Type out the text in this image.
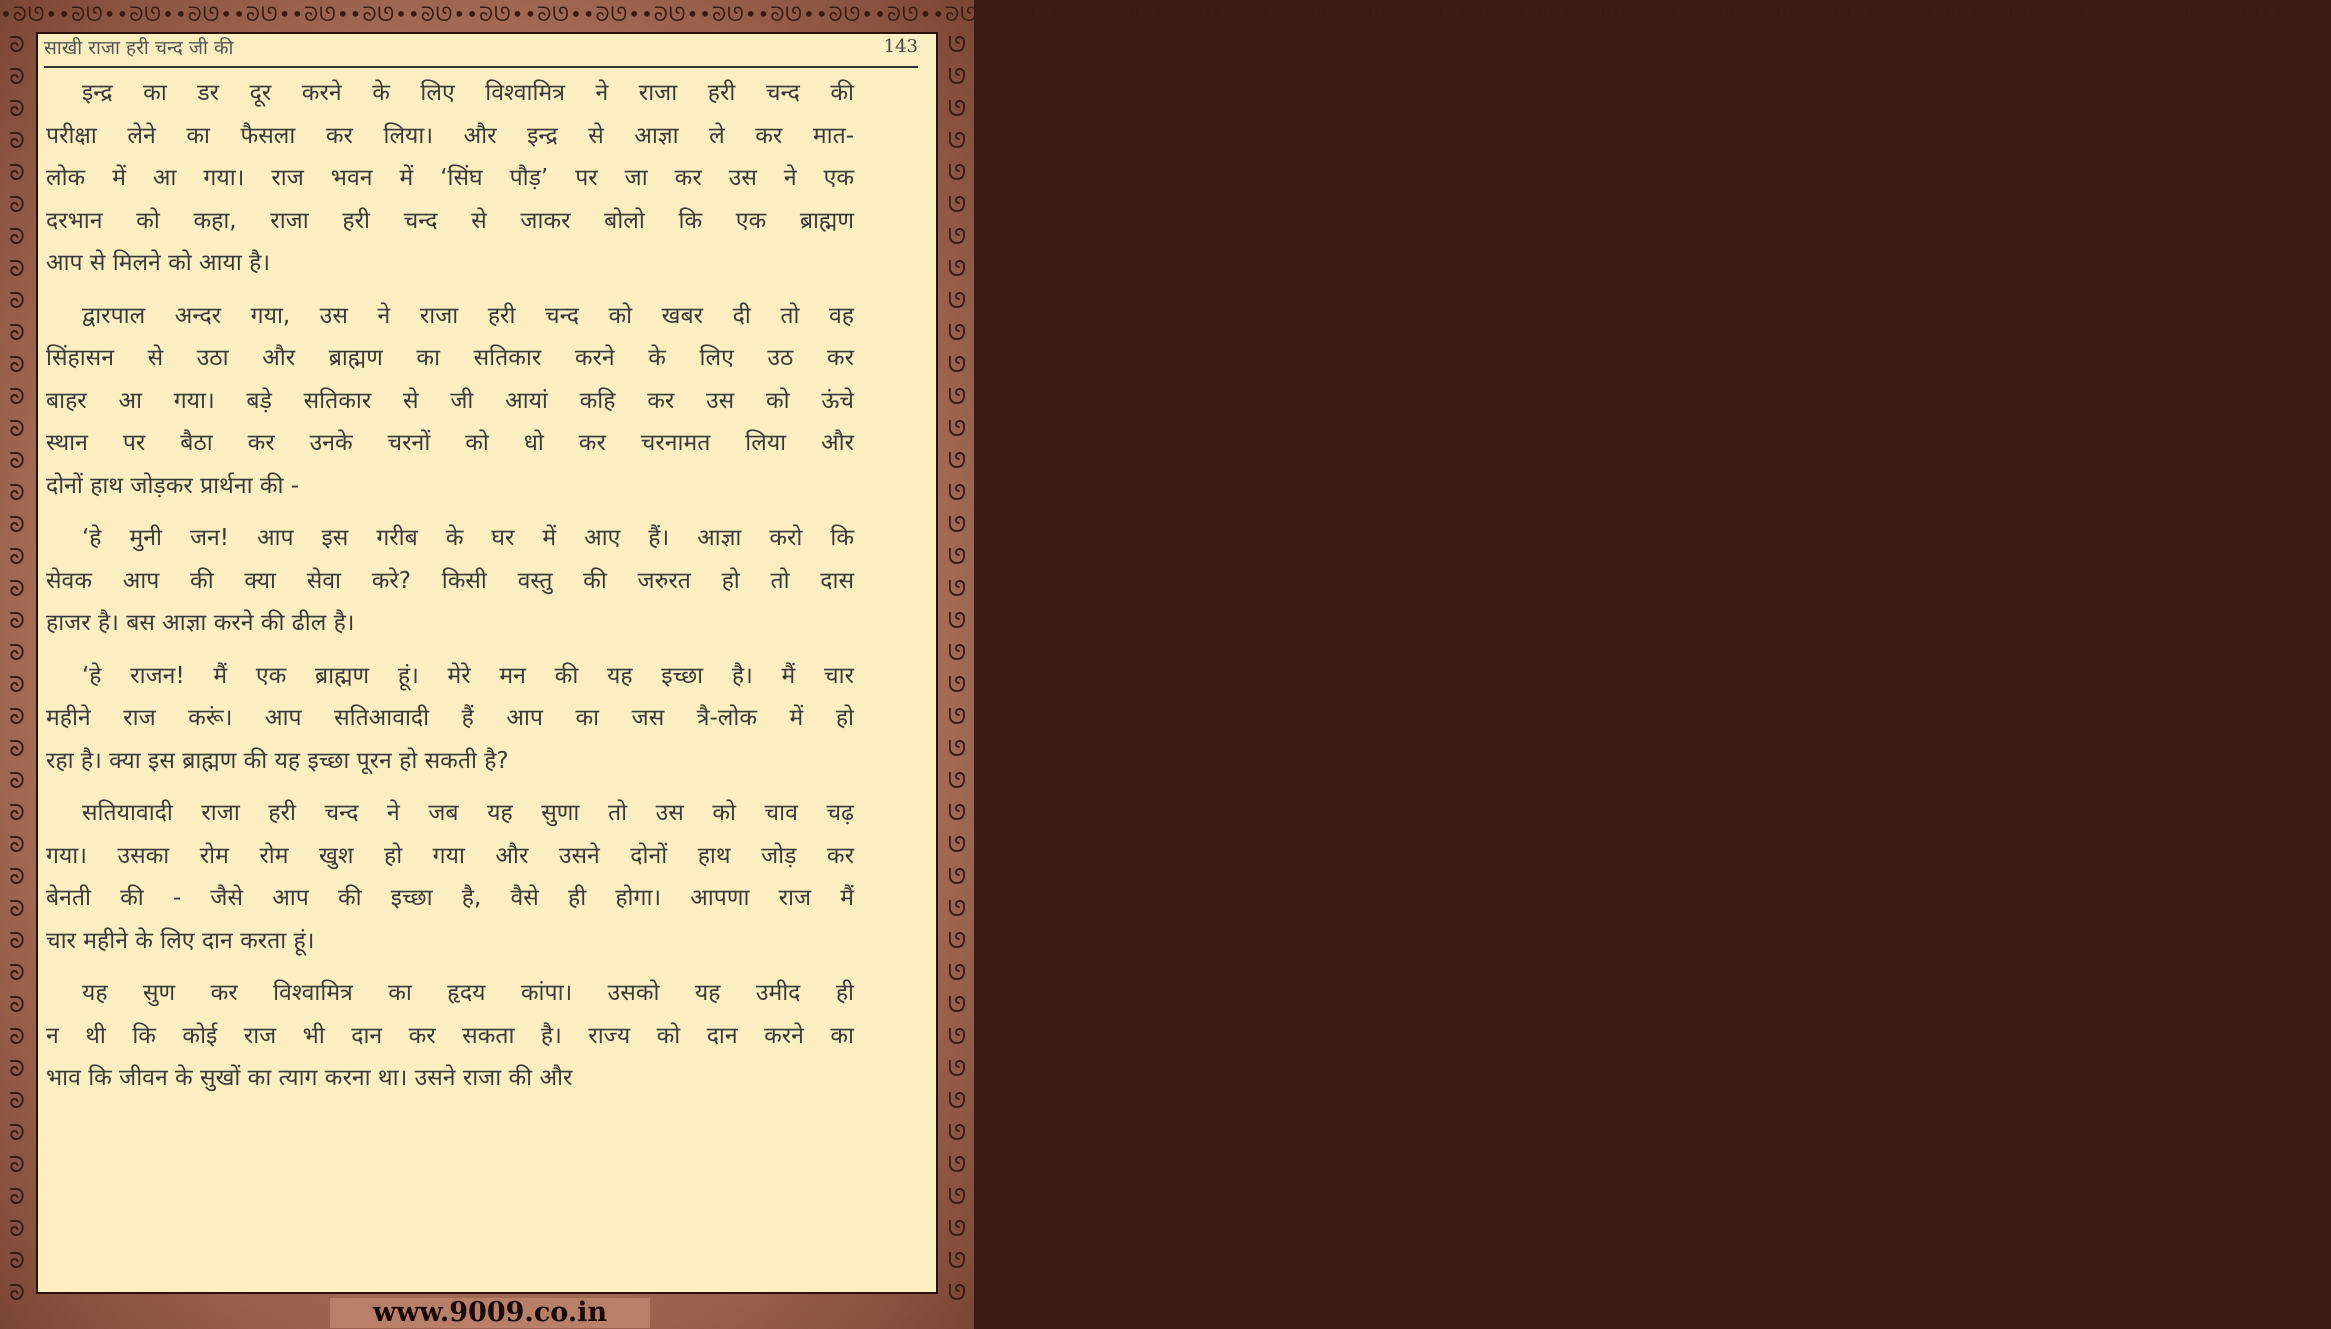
•ᘐᘎ••ᘐᘎ••ᘐᘎ••ᘐᘎ••ᘐᘎ••ᘐᘎ••ᘐᘎ••ᘐᘎ••ᘐᘎ••ᘐᘎ••ᘐᘎ••ᘐᘎ••ᘐᘎ••ᘐᘎ••ᘐᘎ••ᘐᘎ••ᘐᘎ••ᘐᘎ••ᘐᘎ••ᘐᘎ••ᘐᘎ••ᘐᘎ••ᘐᘎ••ᘐᘎ••ᘐᘎ••ᘐᘎ••ᘐᘎ••ᘐᘎ••ᘐᘎ••ᘐᘎ••ᘐᘎ••ᘐᘎ••ᘐᘎ••ᘐᘎ••ᘐᘎ••ᘐᘎ••ᘐᘎ••ᘐᘎ••ᘐᘎ••ᘐᘎ•
ᘐ
ᘐ
ᘐ
ᘐ
ᘐ
ᘐ
ᘐ
ᘐ
ᘐ
ᘐ
ᘐ
ᘐ
ᘐ
ᘐ
ᘐ
ᘐ
ᘐ
ᘐ
ᘐ
ᘐ
ᘐ
ᘐ
ᘐ
ᘐ
ᘐ
ᘐ
ᘐ
ᘐ
ᘐ
ᘐ
ᘐ
ᘐ
ᘐ
ᘐ
ᘐ
ᘐ
ᘐ
ᘐ
ᘐ
ᘐ
ᘎ
ᘎ
ᘎ
ᘎ
ᘎ
ᘎ
ᘎ
ᘎ
ᘎ
ᘎ
ᘎ
ᘎ
ᘎ
ᘎ
ᘎ
ᘎ
ᘎ
ᘎ
ᘎ
ᘎ
ᘎ
ᘎ
ᘎ
ᘎ
ᘎ
ᘎ
ᘎ
ᘎ
ᘎ
ᘎ
ᘎ
ᘎ
ᘎ
ᘎ
ᘎ
ᘎ
ᘎ
ᘎ
ᘎ
ᘎ
साखी राजा हरी चन्द जी की	143
इन्द्र का डर दूर करने के लिए विश्वामित्र ने राजा हरी चन्द की
परीक्षा लेने का फैसला कर लिया। और इन्द्र से आज्ञा ले कर मात-
लोक में आ गया। राज भवन में ‘सिंघ पौड़’ पर जा कर उस ने एक
दरभान को कहा, राजा हरी चन्द से जाकर बोलो कि एक ब्राह्मण
आप से मिलने को आया है।
द्वारपाल अन्दर गया, उस ने राजा हरी चन्द को खबर दी तो वह
सिंहासन से उठा और ब्राह्मण का सतिकार करने के लिए उठ कर
बाहर आ गया। बड़े सतिकार से जी आयां कहि कर उस को ऊंचे
स्थान पर बैठा कर उनके चरनों को धो कर चरनामत लिया और
दोनों हाथ जोड़कर प्रार्थना की -
‘हे मुनी जन! आप इस गरीब के घर में आए हैं। आज्ञा करो कि
सेवक आप की क्या सेवा करे? किसी वस्तु की जरुरत हो तो दास
हाजर है। बस आज्ञा करने की ढील है।
‘हे राजन! मैं एक ब्राह्मण हूं। मेरे मन की यह इच्छा है। मैं चार
महीने राज करूं। आप सतिआवादी हैं आप का जस त्रै-लोक में हो
रहा है। क्या इस ब्राह्मण की यह इच्छा पूरन हो सकती है?
सतियावादी राजा हरी चन्द ने जब यह सुणा तो उस को चाव चढ़
गया। उसका रोम रोम खुश हो गया और उसने दोनों हाथ जोड़ कर
बेनती की - जैसे आप की इच्छा है, वैसे ही होगा। आपणा राज मैं
चार महीने के लिए दान करता हूं।
यह सुण कर विश्वामित्र का हृदय कांपा। उसको यह उमीद ही
न थी कि कोई राज भी दान कर सकता है। राज्य को दान करने का
भाव कि जीवन के सुखों का त्याग करना था। उसने राजा की और
www.9009.co.in
